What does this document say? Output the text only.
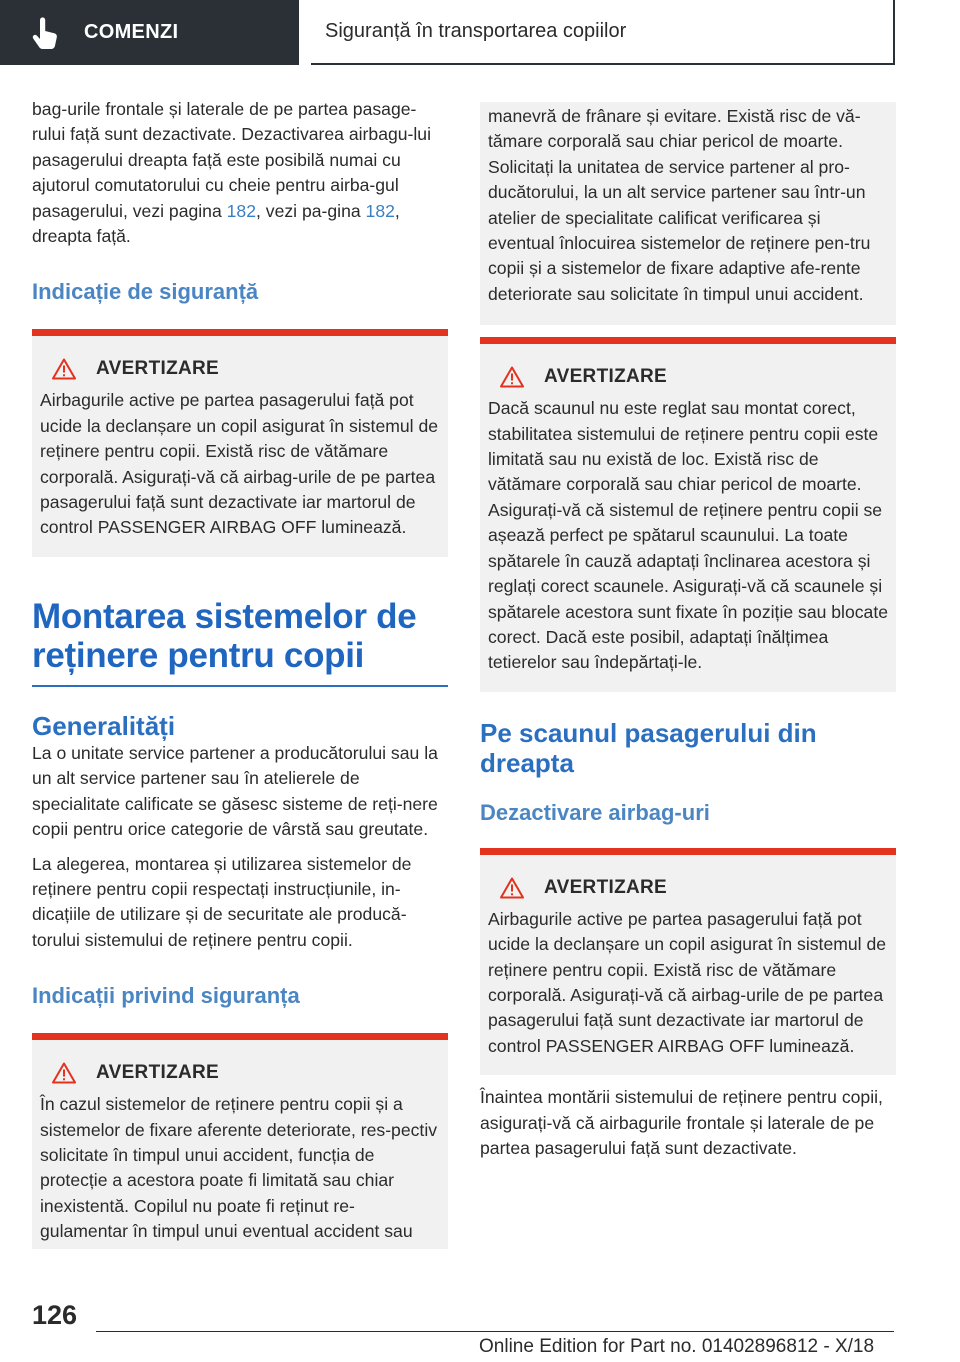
COMENZI	Siguranță în transportarea copiilor

bag-urile frontale și laterale de pe partea pasage-rului față sunt dezactivate. Dezactivarea airbagu-lui pasagerului dreapta față este posibilă numai cu ajutorul comutatorului cu cheie pentru airba-gul pasagerului, vezi pagina 182, vezi pa-gina 182, dreapta față.

Indicație de siguranță
AVERTIZARE

Airbagurile active pe partea pasagerului față pot ucide la declanșare un copil asigurat în sistemul de reținere pentru copii. Există risc de vătămare corporală. Asigurați-vă că airbag-urile de pe partea pasagerului față sunt dezactivate iar martorul de control PASSENGER AIRBAG OFF luminează.

Montarea sistemelor de reținere pentru copii
Generalități

La o unitate service partener a producătorului sau la un alt service partener sau în atelierele de specialitate calificate se găsesc sisteme de reți-nere copii pentru orice categorie de vârstă sau greutate.

La alegerea, montarea și utilizarea sistemelor de reținere pentru copii respectați instrucțiunile, in-dicațiile de utilizare și de securitate ale producă-torului sistemului de reținere pentru copii.

Indicații privind siguranța
AVERTIZARE

În cazul sistemelor de reținere pentru copii și a sistemelor de fixare aferente deteriorate, res-pectiv solicitate în timpul unui accident, funcția de protecție a acestora poate fi limitată sau chiar inexistentă. Copilul nu poate fi reținut re-gulamentar în timpul unui eventual accident sau

manevră de frânare și evitare. Există risc de vă-tămare corporală sau chiar pericol de moarte. Solicitați la unitatea de service partener al pro-ducătorului, la un alt service partener sau într-un atelier de specialitate calificat verificarea și eventual înlocuirea sistemelor de reținere pen-tru copii și a sistemelor de fixare adaptive afe-rente deteriorate sau solicitate în timpul unui accident.

AVERTIZARE

Dacă scaunul nu este reglat sau montat corect, stabilitatea sistemului de reținere pentru copii este limitată sau nu există de loc. Există risc de vătămare corporală sau chiar pericol de moarte. Asigurați-vă că sistemul de reținere pentru copii se așează perfect pe spătarul scaunului. La toate spătarele în cauză adaptați înclinarea acestora și reglați corect scaunele. Asigurați-vă că scaunele și spătarele acestora sunt fixate în poziție sau blocate corect. Dacă este posibil, adaptați înălțimea tetierelor sau îndepărtați-le.

Pe scaunul pasagerului din dreapta
Dezactivare airbag-uri
AVERTIZARE

Airbagurile active pe partea pasagerului față pot ucide la declanșare un copil asigurat în sistemul de reținere pentru copii. Există risc de vătămare corporală. Asigurați-vă că airbag-urile de pe partea pasagerului față sunt dezactivate iar martorul de control PASSENGER AIRBAG OFF luminează.

Înaintea montării sistemului de reținere pentru copii, asigurați-vă că airbagurile frontale și laterale de pe partea pasagerului față sunt dezactivate.

126
Online Edition for Part no. 01402896812 - X/18
